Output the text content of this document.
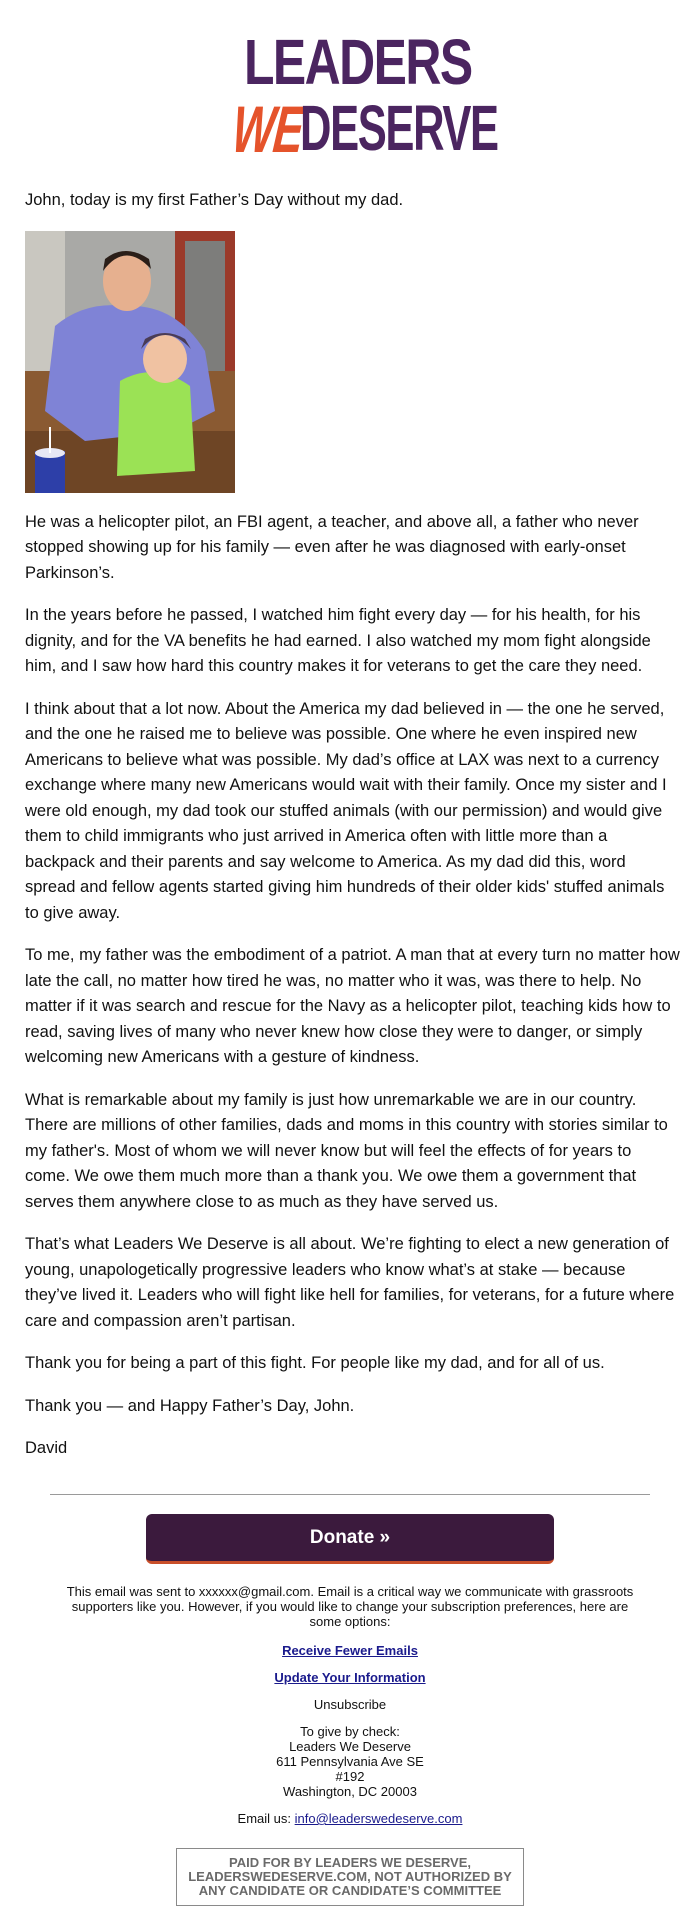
LEADERS
WE
DESERVE

John, today is my first Father’s Day without my dad.

He was a helicopter pilot, an FBI agent, a teacher, and above all, a father who never stopped showing up for his family — even after he was diagnosed with early-onset Parkinson’s.

In the years before he passed, I watched him fight every day — for his health, for his dignity, and for the VA benefits he had earned. I also watched my mom fight alongside him, and I saw how hard this country makes it for veterans to get the care they need.

I think about that a lot now. About the America my dad believed in — the one he served, and the one he raised me to believe was possible. One where he even inspired new Americans to believe what was possible. My dad’s office at LAX was next to a currency exchange where many new Americans would wait with their family. Once my sister and I were old enough, my dad took our stuffed animals (with our permission) and would give them to child immigrants who just arrived in America often with little more than a backpack and their parents and say welcome to America. As my dad did this, word spread and fellow agents started giving him hundreds of their older kids' stuffed animals to give away.

To me, my father was the embodiment of a patriot. A man that at every turn no matter how late the call, no matter how tired he was, no matter who it was, was there to help. No matter if it was search and rescue for the Navy as a helicopter pilot, teaching kids how to read, saving lives of many who never knew how close they were to danger, or simply welcoming new Americans with a gesture of kindness.

What is remarkable about my family is just how unremarkable we are in our country. There are millions of other families, dads and moms in this country with stories similar to my father's. Most of whom we will never know but will feel the effects of for years to come. We owe them much more than a thank you. We owe them a government that serves them anywhere close to as much as they have served us.

That’s what Leaders We Deserve is all about. We’re fighting to elect a new generation of young, unapologetically progressive leaders who know what’s at stake — because they’ve lived it. Leaders who will fight like hell for families, for veterans, for a future where care and compassion aren’t partisan.

Thank you for being a part of this fight. For people like my dad, and for all of us.

Thank you — and Happy Father’s Day, John.

David

Donate »
This email was sent to xxxxxx@gmail.com. Email is a critical way we communicate with grassroots supporters like you. However, if you would like to change your subscription preferences, here are some options:
Receive Fewer Emails
Update Your Information
Unsubscribe
To give by check:
Leaders We Deserve
611 Pennsylvania Ave SE
#192
Washington, DC 20003
Email us: info@leaderswedeserve.com
PAID FOR BY LEADERS WE DESERVE,
LEADERSWEDESERVE.COM, NOT AUTHORIZED BY
ANY CANDIDATE OR CANDIDATE’S COMMITTEE
